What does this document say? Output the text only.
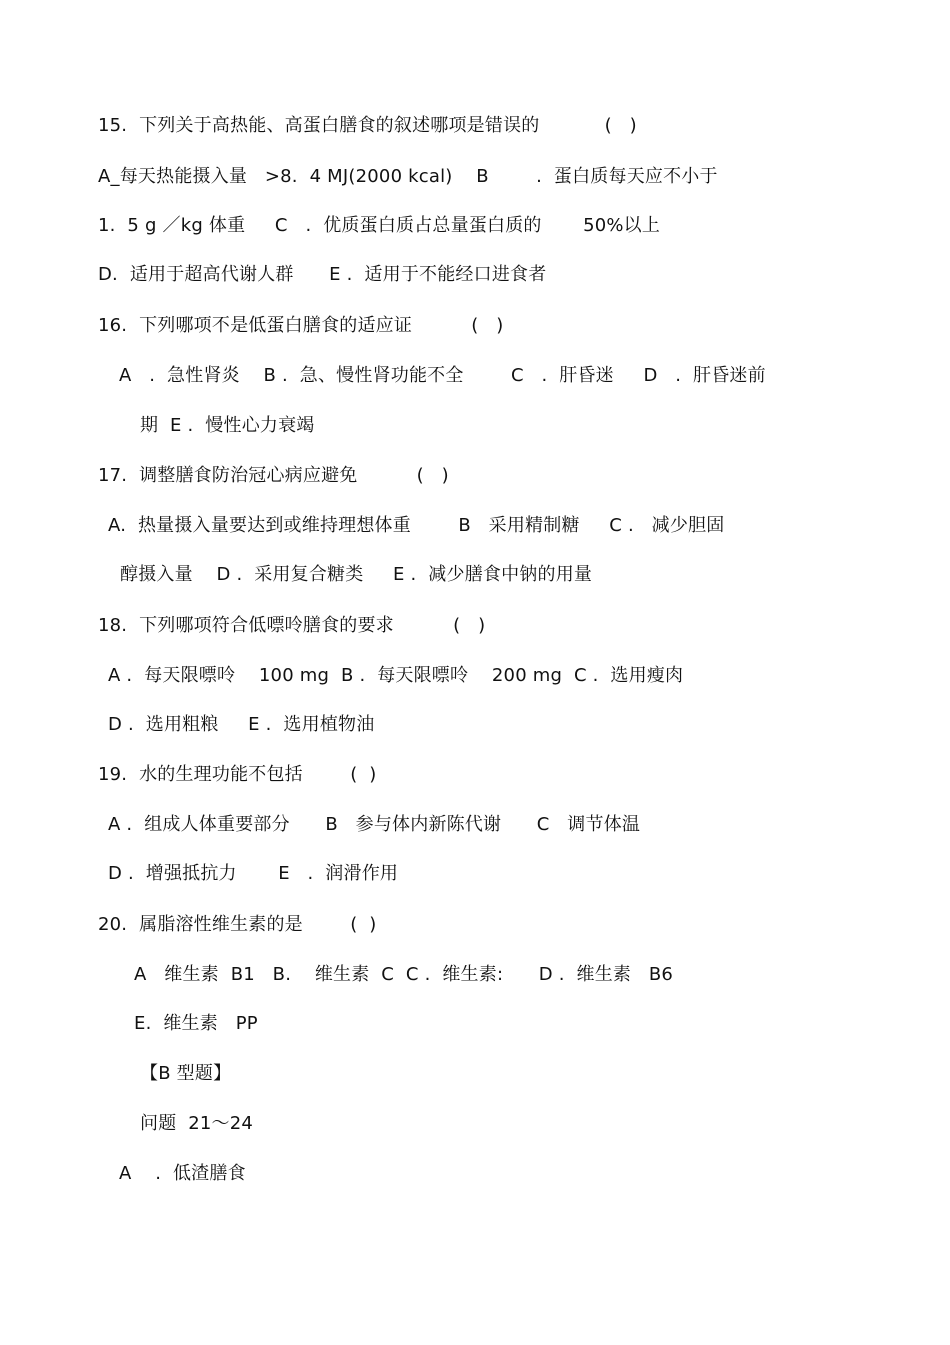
15.  下列关于高热能、高蛋白膳食的叙述哪项是错误的           (   )
A_每天热能摄入量   >8.  4 MJ(2000 kcal)    B        .  蛋白质每天应不小于
1.  5 g ／kg 体重     C   .  优质蛋白质占总量蛋白质的       50%以上
D.  适用于超高代谢人群      E .  适用于不能经口进食者
16.  下列哪项不是低蛋白膳食的适应证          (   )
A   .  急性肾炎    B .  急、慢性肾功能不全        C   .  肝昏迷     D   .  肝昏迷前
期  E .  慢性心力衰竭
17.  调整膳食防治冠心病应避免          (   )
A.  热量摄入量要达到或维持理想体重        B   采用精制糖     C .   减少胆固
醇摄入量    D .  采用复合糖类     E .  减少膳食中钠的用量
18.  下列哪项符合低嘌呤膳食的要求          (   )
A .  每天限嘌呤    100 mg  B .  每天限嘌呤    200 mg  C .  选用瘦肉
D .  选用粗粮     E .  选用植物油
19.  水的生理功能不包括        (  )
A .  组成人体重要部分      B   参与体内新陈代谢      C   调节体温
D .  增强抵抗力       E   .  润滑作用
20.  属脂溶性维生素的是        (  )
A   维生素  B1   B.    维生素  C  C .  维生素:      D .  维生素   B6
E.  维生素   PP
【B 型题】
问题  21～24
A    .  低渣膳食
